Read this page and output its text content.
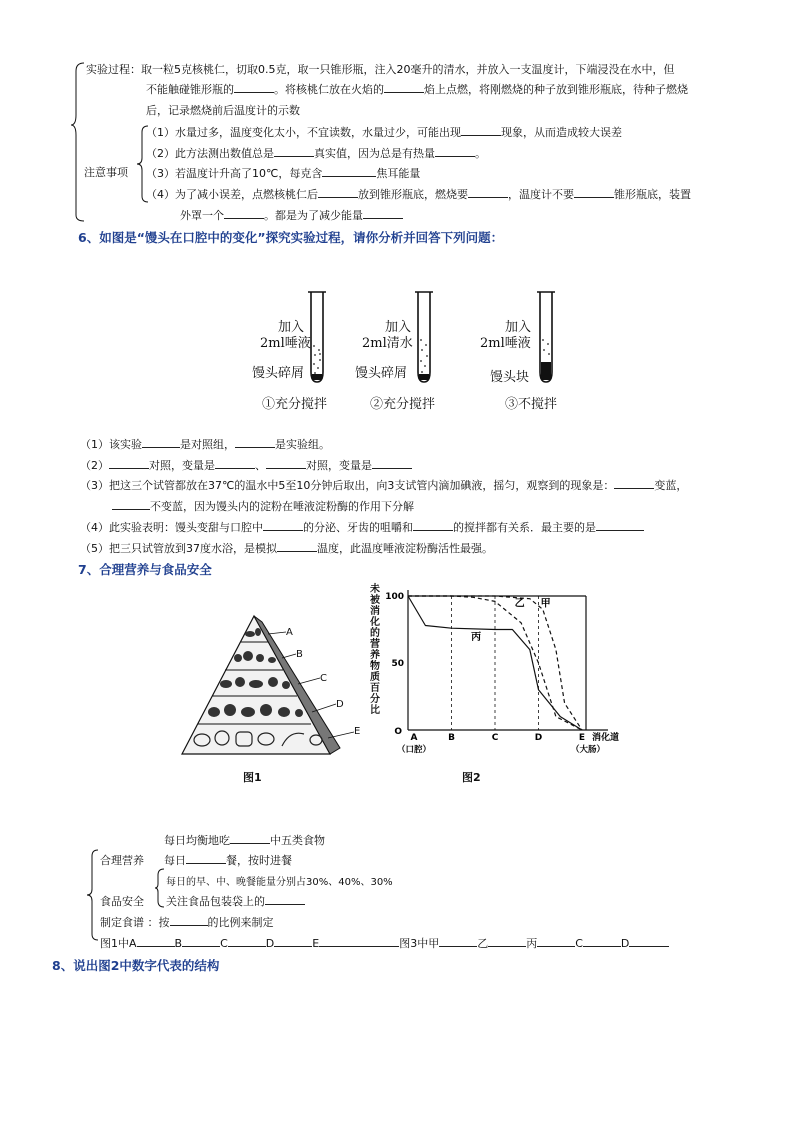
实验过程：取一粒5克核桃仁，切取0.5克，取一只锥形瓶，注入20毫升的清水，并放入一支温度计，下端浸没在水中，但
不能触碰锥形瓶的	。将核桃仁放在火焰的	焰上点燃，将刚燃烧的种子放到锥形瓶底，待种子燃烧
后，记录燃烧前后温度计的示数
注意事项
（1）水量过多，温度变化太小，不宜读数，水量过少，可能出现	现象，从而造成较大误差
（2）此方法测出数值总是	真实值，因为总是有热量	。
（3）若温度计升高了10℃，每克含	焦耳能量
（4）为了减小误差，点燃核桃仁后	放到锥形瓶底，燃烧要	，温度计不要	锥形瓶底，装置
外罩一个	。都是为了减少能量
6、如图是“馒头在口腔中的变化”探究实验过程，请你分析并回答下列问题：
加入
2ml唾液
馒头碎屑
①充分搅拌
加入
2ml清水
馒头碎屑
②充分搅拌
加入
2ml唾液
馒头块
③不搅拌
（1）该实验	是对照组，	是实验组。
（2）	对照，变量是	、	对照，变量是
（3）把这三个试管都放在37℃的温水中5至10分钟后取出，向3支试管内滴加碘液，摇匀，观察到的现象是：	变蓝，
不变蓝，因为馒头内的淀粉在唾液淀粉酶的作用下分解
（4）此实验表明：馒头变甜与口腔中	的分泌、牙齿的咀嚼和	的搅拌都有关系．最主要的是
（5）把三只试管放到37度水浴，是模拟	温度，此温度唾液淀粉酶活性最强。
7、合理营养与食品安全
A
B
C
D
E
图1
50
100
O
A
（口腔）
B	C	D	E
（大肠）
消化道
甲
乙
丙
未被消化的营养物质百分比
图2
每日均衡地吃	中五类食物
合理营养 每日	餐，按时进餐
每日的早、中、晚餐能量分别占30%、40%、30%
食品安全 关注食品包装袋上的
制定食谱 ：按	的比例来制定
图1中A	B	C	D	E	图3中甲	乙	丙	C	D
8、说出图2中数字代表的结构
